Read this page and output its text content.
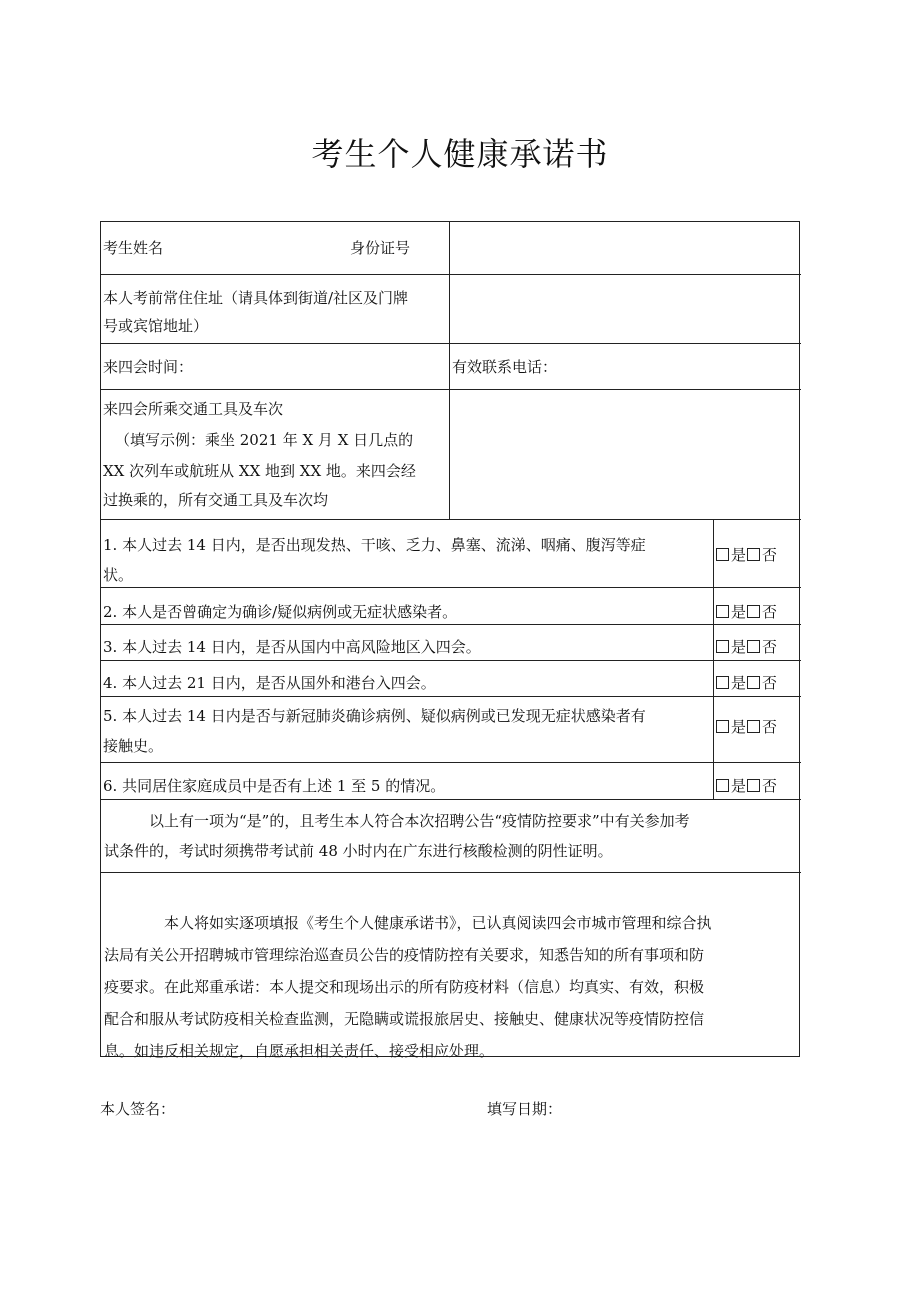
考生个人健康承诺书
考生姓名	身份证号
本人考前常住住址（请具体到街道/社区及门牌
号或宾馆地址）
来四会时间：	有效联系电话：
来四会所乘交通工具及车次
（填写示例：乘坐 2021 年 X 月 X 日几点的
XX 次列车或航班从 XX 地到 XX 地。来四会经
过换乘的，所有交通工具及车次均
1. 本人过去 14 日内，是否出现发热、干咳、乏力、鼻塞、流涕、咽痛、腹泻等症
状。
是 否
2. 本人是否曾确定为确诊/疑似病例或无症状感染者。	是 否
3. 本人过去 14 日内，是否从国内中高风险地区入四会。	是 否
4. 本人过去 21 日内，是否从国外和港台入四会。	是 否
5. 本人过去 14 日内是否与新冠肺炎确诊病例、疑似病例或已发现无症状感染者有
接触史。
是 否
6. 共同居住家庭成员中是否有上述 1 至 5 的情况。	是 否

以上有一项为“是”的，且考生本人符合本次招聘公告“疫情防控要求”中有关参加考

试条件的，考试时须携带考试前 48 小时内在广东进行核酸检测的阴性证明。

本人将如实逐项填报《考生个人健康承诺书》，已认真阅读四会市城市管理和综合执

法局有关公开招聘城市管理综治巡查员公告的疫情防控有关要求，知悉告知的所有事项和防

疫要求。在此郑重承诺：本人提交和现场出示的所有防疫材料（信息）均真实、有效，积极

配合和服从考试防疫相关检查监测，无隐瞒或谎报旅居史、接触史、健康状况等疫情防控信

息。如违反相关规定，自愿承担相关责任、接受相应处理。

本人签名：	填写日期：
